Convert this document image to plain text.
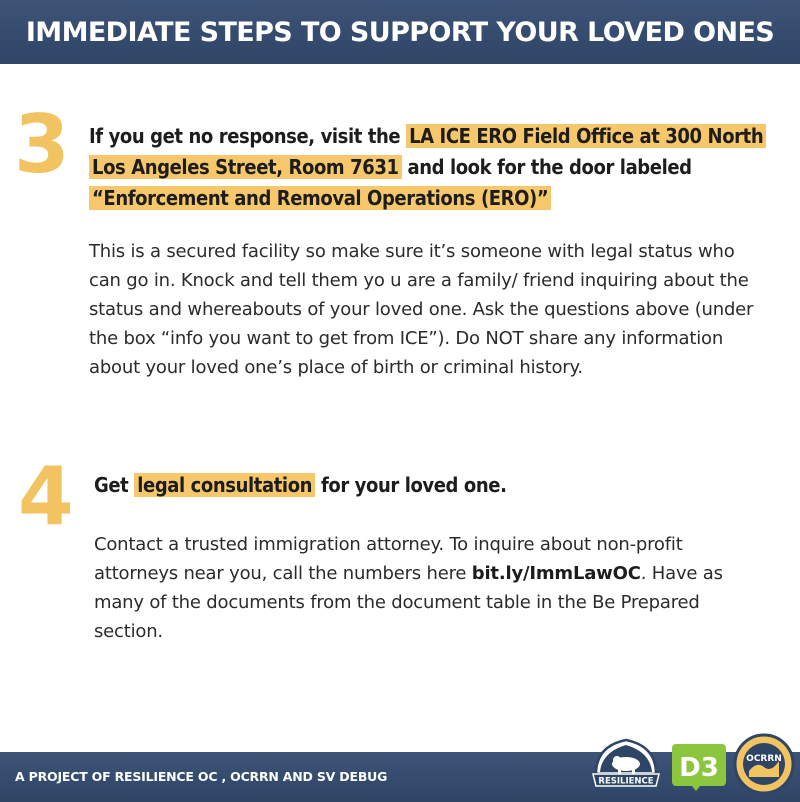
IMMEDIATE STEPS TO SUPPORT YOUR LOVED ONES
3 If you get no response, visit the LA ICE ERO Field Office at 300 North Los Angeles Street, Room 7631 and look for the door labeled “Enforcement and Removal Operations (ERO)”
This is a secured facility so make sure it’s someone with legal status who can go in. Knock and tell them yo u are a family/ friend inquiring about the status and whereabouts of your loved one. Ask the questions above (under the box “info you want to get from ICE”). Do NOT share any information about your loved one’s place of birth or criminal history.
4 Get legal consultation for your loved one.
Contact a trusted immigration attorney. To inquire about non-profit attorneys near you, call the numbers here bit.ly/ImmLawOC. Have as many of the documents from the document table in the Be Prepared section.
A PROJECT OF RESILIENCE OC , OCRRN AND SV DEBUG	RESILIENCE D3	OCRRN
